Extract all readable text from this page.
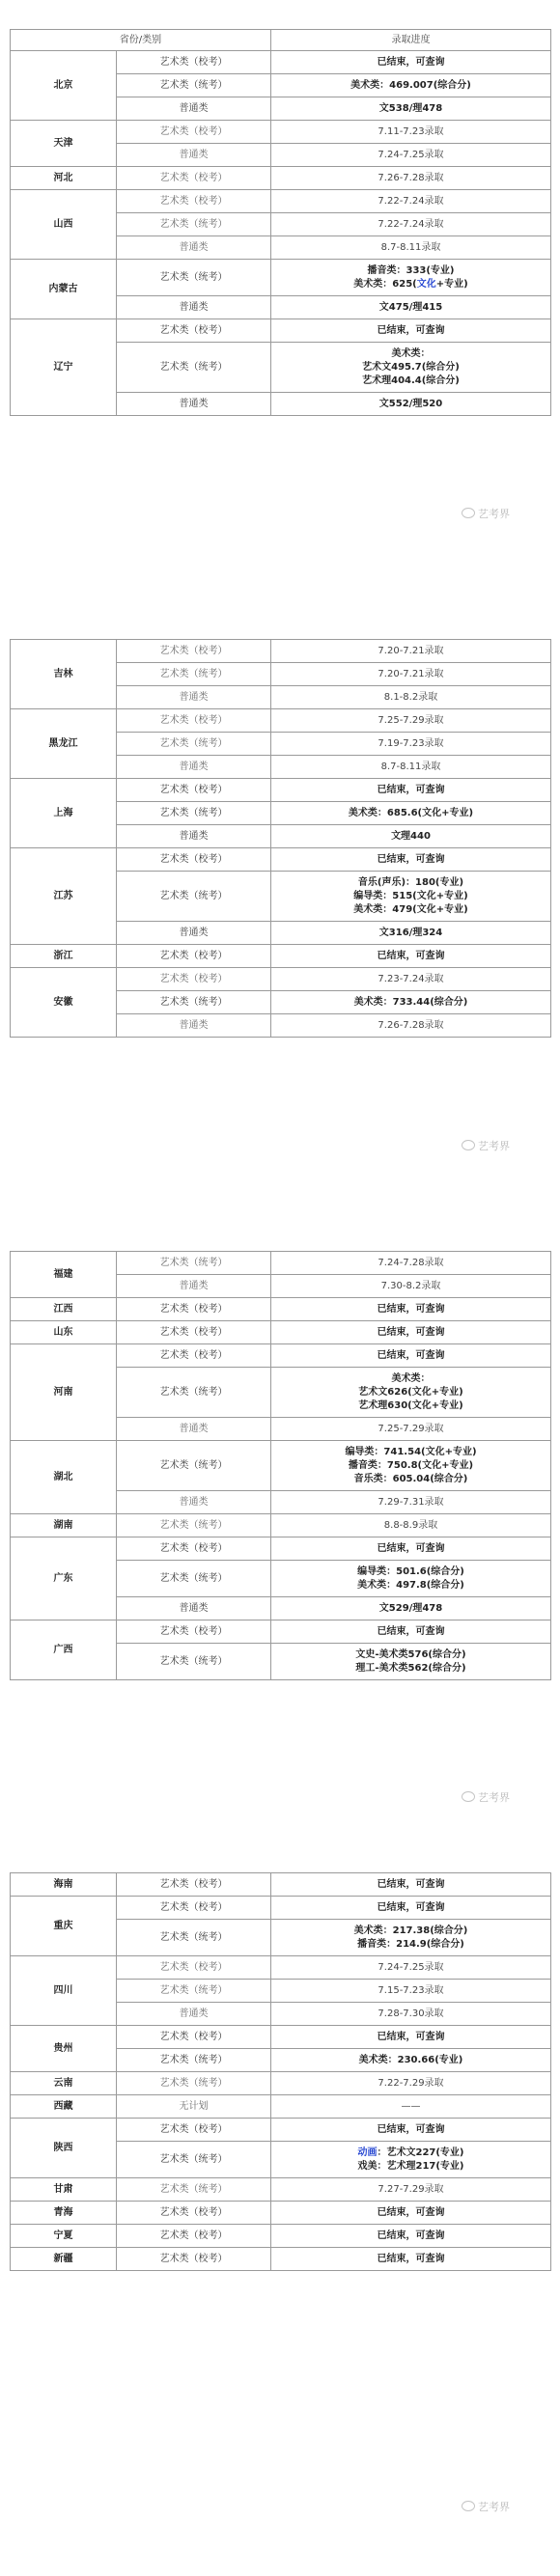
省份/类别		录取进度
北京	艺术类（校考）	已结束，可查询

	艺术类（统考）	美术类：469.007(综合分)

	普通类	文538/理478

天津	艺术类（校考）	7.11-7.23录取

	普通类	7.24-7.25录取

河北	艺术类（校考）	7.26-7.28录取

山西	艺术类（校考）	7.22-7.24录取

	艺术类（统考）	7.22-7.24录取

	普通类	8.7-8.11录取

内蒙古	艺术类（统考）	播音类：333(专业)
美术类：625(文化+专业)

	普通类	文475/理415

辽宁	艺术类（校考）	已结束，可查询

	艺术类（统考）	美术类：
艺术文495.7(综合分)
艺术理404.4(综合分)

	普通类	文552/理520
吉林	艺术类（校考）	7.20-7.21录取

	艺术类（统考）	7.20-7.21录取

	普通类	8.1-8.2录取

黑龙江	艺术类（校考）	7.25-7.29录取

	艺术类（统考）	7.19-7.23录取

	普通类	8.7-8.11录取

上海	艺术类（校考）	已结束，可查询

	艺术类（统考）	美术类：685.6(文化+专业)

	普通类	文理440

江苏	艺术类（校考）	已结束，可查询

	艺术类（统考）	音乐(声乐)：180(专业)
编导类：515(文化+专业)
美术类：479(文化+专业)

	普通类	文316/理324

浙江	艺术类（校考）	已结束，可查询

安徽	艺术类（校考）	7.23-7.24录取

	艺术类（统考）	美术类：733.44(综合分)

	普通类	7.26-7.28录取
福建	艺术类（统考）	7.24-7.28录取

	普通类	7.30-8.2录取

江西	艺术类（校考）	已结束，可查询

山东	艺术类（校考）	已结束，可查询

河南	艺术类（校考）	已结束，可查询

	艺术类（统考）	美术类：
艺术文626(文化+专业)
艺术理630(文化+专业)

	普通类	7.25-7.29录取

湖北	艺术类（统考）	编导类：741.54(文化+专业)
播音类：750.8(文化+专业)
音乐类：605.04(综合分)

	普通类	7.29-7.31录取

湖南	艺术类（统考）	8.8-8.9录取

广东	艺术类（校考）	已结束，可查询

	艺术类（统考）	编导类：501.6(综合分)
美术类：497.8(综合分)

	普通类	文529/理478

广西	艺术类（校考）	已结束，可查询

	艺术类（统考）	文史-美术类576(综合分)
理工-美术类562(综合分)
海南	艺术类（校考）	已结束，可查询

重庆	艺术类（校考）	已结束，可查询

	艺术类（统考）	美术类：217.38(综合分)
播音类：214.9(综合分)

四川	艺术类（校考）	7.24-7.25录取

	艺术类（统考）	7.15-7.23录取

	普通类	7.28-7.30录取

贵州	艺术类（校考）	已结束，可查询

	艺术类（统考）	美术类：230.66(专业)

云南	艺术类（统考）	7.22-7.29录取

西藏	无计划	——

陕西	艺术类（校考）	已结束，可查询

	艺术类（统考）	动画：艺术文227(专业)
戏美：艺术理217(专业)

甘肃	艺术类（统考）	7.27-7.29录取

青海	艺术类（校考）	已结束，可查询

宁夏	艺术类（校考）	已结束，可查询

新疆	艺术类（校考）	已结束，可查询
艺考界
艺考界
艺考界
艺考界
